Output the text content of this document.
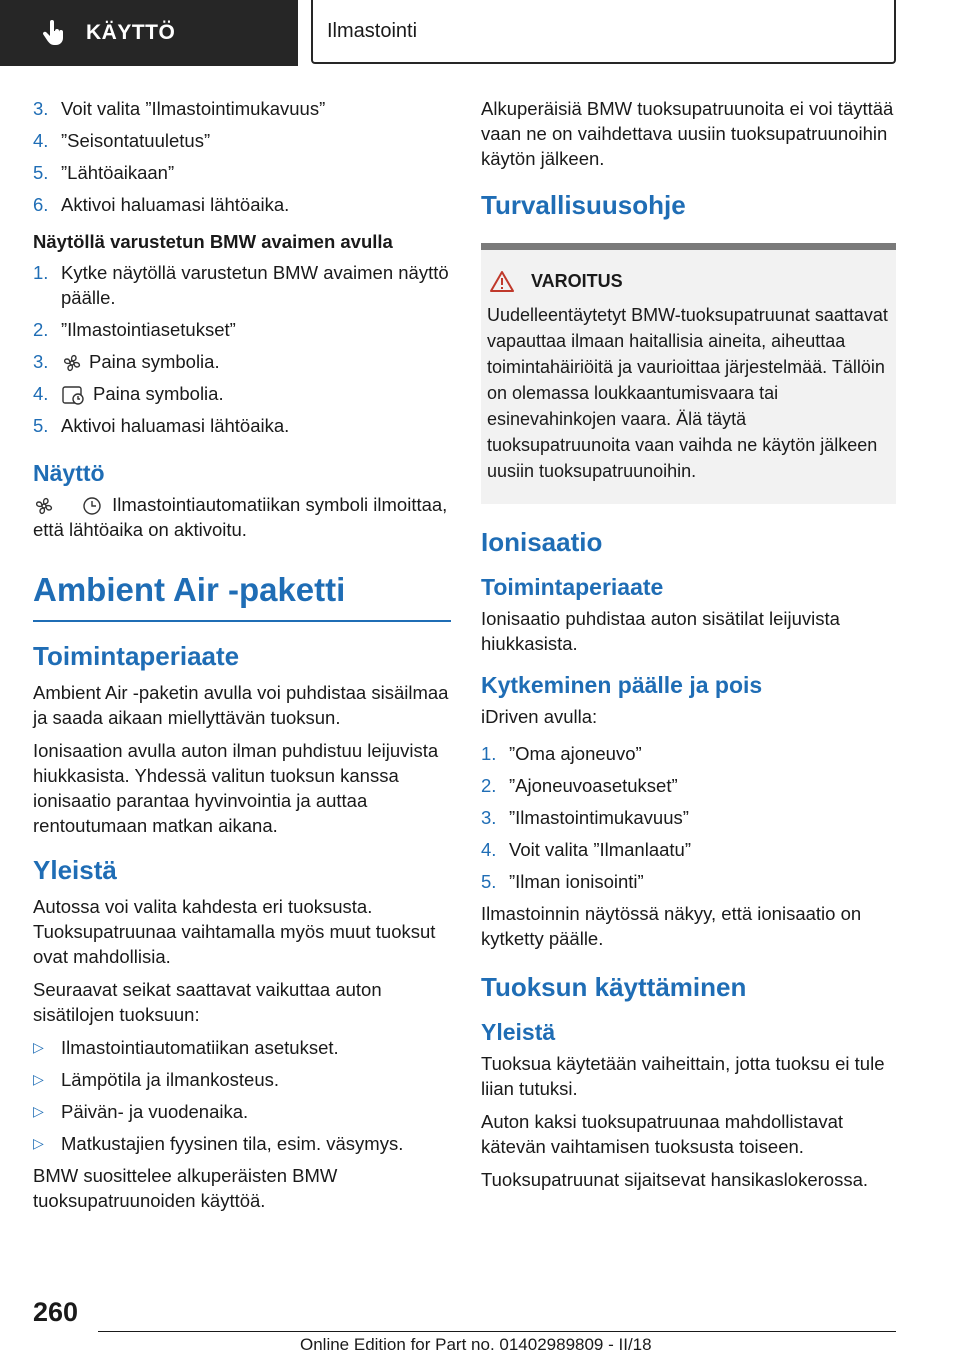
KÄYTTÖ	Ilmastointi
3. Voit valita ”Ilmastointimukavuus”
4. ”Seisontatuuletus”
5. ”Lähtöaikaan”
6. Aktivoi haluamasi lähtöaika.

Näytöllä varustetun BMW avaimen avulla

1. Kytke näytöllä varustetun BMW avaimen näyttö päälle.
2. ”Ilmastointiasetukset”
3.	Paina symbolia.
4.	Paina symbolia.
5. Aktivoi haluamasi lähtöaika.
Näyttö

Ilmastointiautomatiikan symboli ilmoittaa, että lähtöaika on aktivoitu.

Ambient Air -paketti
Toimintaperiaate

Ambient Air -paketin avulla voi puhdistaa sisäilmaa ja saada aikaan miellyttävän tuoksun.

Ionisaation avulla auton ilman puhdistuu leijuvista hiukkasista. Yhdessä valitun tuoksun kanssa ionisaatio parantaa hyvinvointia ja auttaa rentoutumaan matkan aikana.

Yleistä

Autossa voi valita kahdesta eri tuoksusta. Tuoksupatruunaa vaihtamalla myös muut tuoksut ovat mahdollisia.

Seuraavat seikat saattavat vaikuttaa auton sisätilojen tuoksuun:

▷ Ilmastointiautomatiikan asetukset.
▷ Lämpötila ja ilmankosteus.
▷ Päivän- ja vuodenaika.
▷ Matkustajien fyysinen tila, esim. väsymys.

BMW suosittelee alkuperäisten BMW tuoksupatruunoiden käyttöä.

Alkuperäisiä BMW tuoksupatruunoita ei voi täyttää vaan ne on vaihdettava uusiin tuoksupatruunoihin käytön jälkeen.

Turvallisuusohje
VAROITUS
Uudelleentäytetyt BMW-tuoksupatruunat saattavat vapauttaa ilmaan haitallisia aineita, aiheuttaa toimintahäiriöitä ja vaurioittaa järjestelmää. Tällöin on olemassa loukkaantumisvaara tai esinevahinkojen vaara. Älä täytä tuoksupatruunoita vaan vaihda ne käytön jälkeen uusiin tuoksupatruunoihin.
Ionisaatio
Toimintaperiaate

Ionisaatio puhdistaa auton sisätilat leijuvista hiukkasista.

Kytkeminen päälle ja pois

iDriven avulla:

1. ”Oma ajoneuvo”
2. ”Ajoneuvoasetukset”
3. ”Ilmastointimukavuus”
4. Voit valita ”Ilmanlaatu”
5. ”Ilman ionisointi”

Ilmastoinnin näytössä näkyy, että ionisaatio on kytketty päälle.

Tuoksun käyttäminen
Yleistä

Tuoksua käytetään vaiheittain, jotta tuoksu ei tule liian tutuksi.

Auton kaksi tuoksupatruunaa mahdollistavat kätevän vaihtamisen tuoksusta toiseen.

Tuoksupatruunat sijaitsevat hansikaslokerossa.

260
Online Edition for Part no. 01402989809 - II/18
